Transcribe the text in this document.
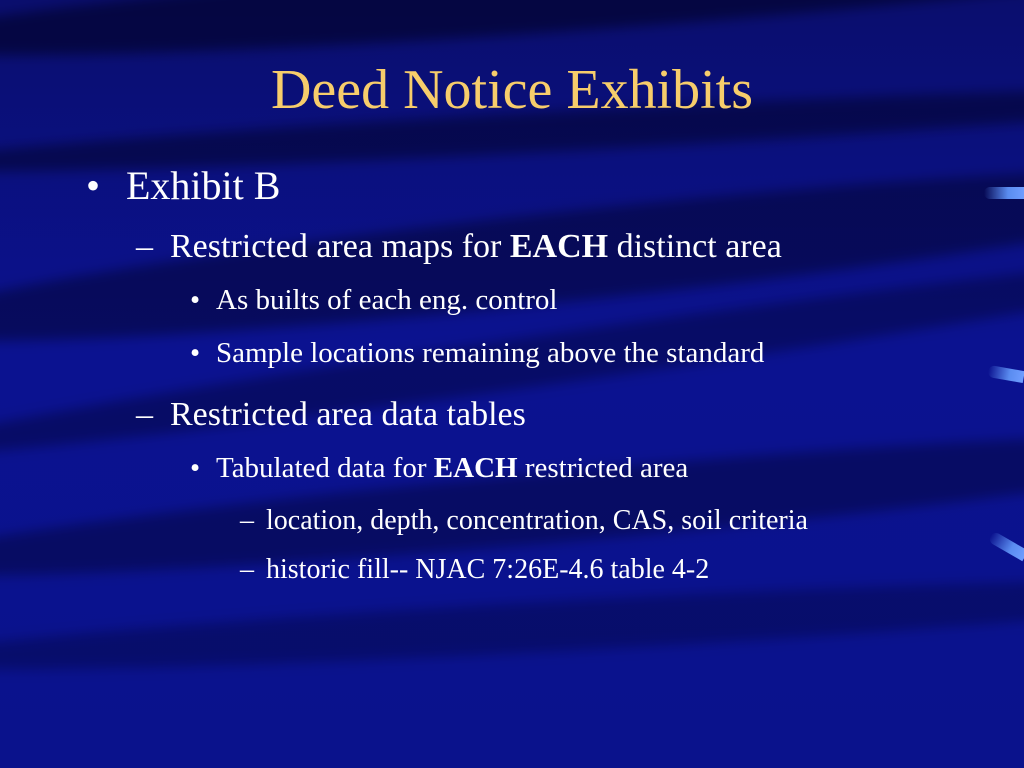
Deed Notice Exhibits
• Exhibit B
– Restricted area maps for EACH distinct area
• As builts of each eng. control
• Sample locations remaining above the standard
– Restricted area data tables
• Tabulated data for EACH restricted area
– location, depth, concentration, CAS, soil criteria
– historic fill-- NJAC 7:26E-4.6 table 4-2
